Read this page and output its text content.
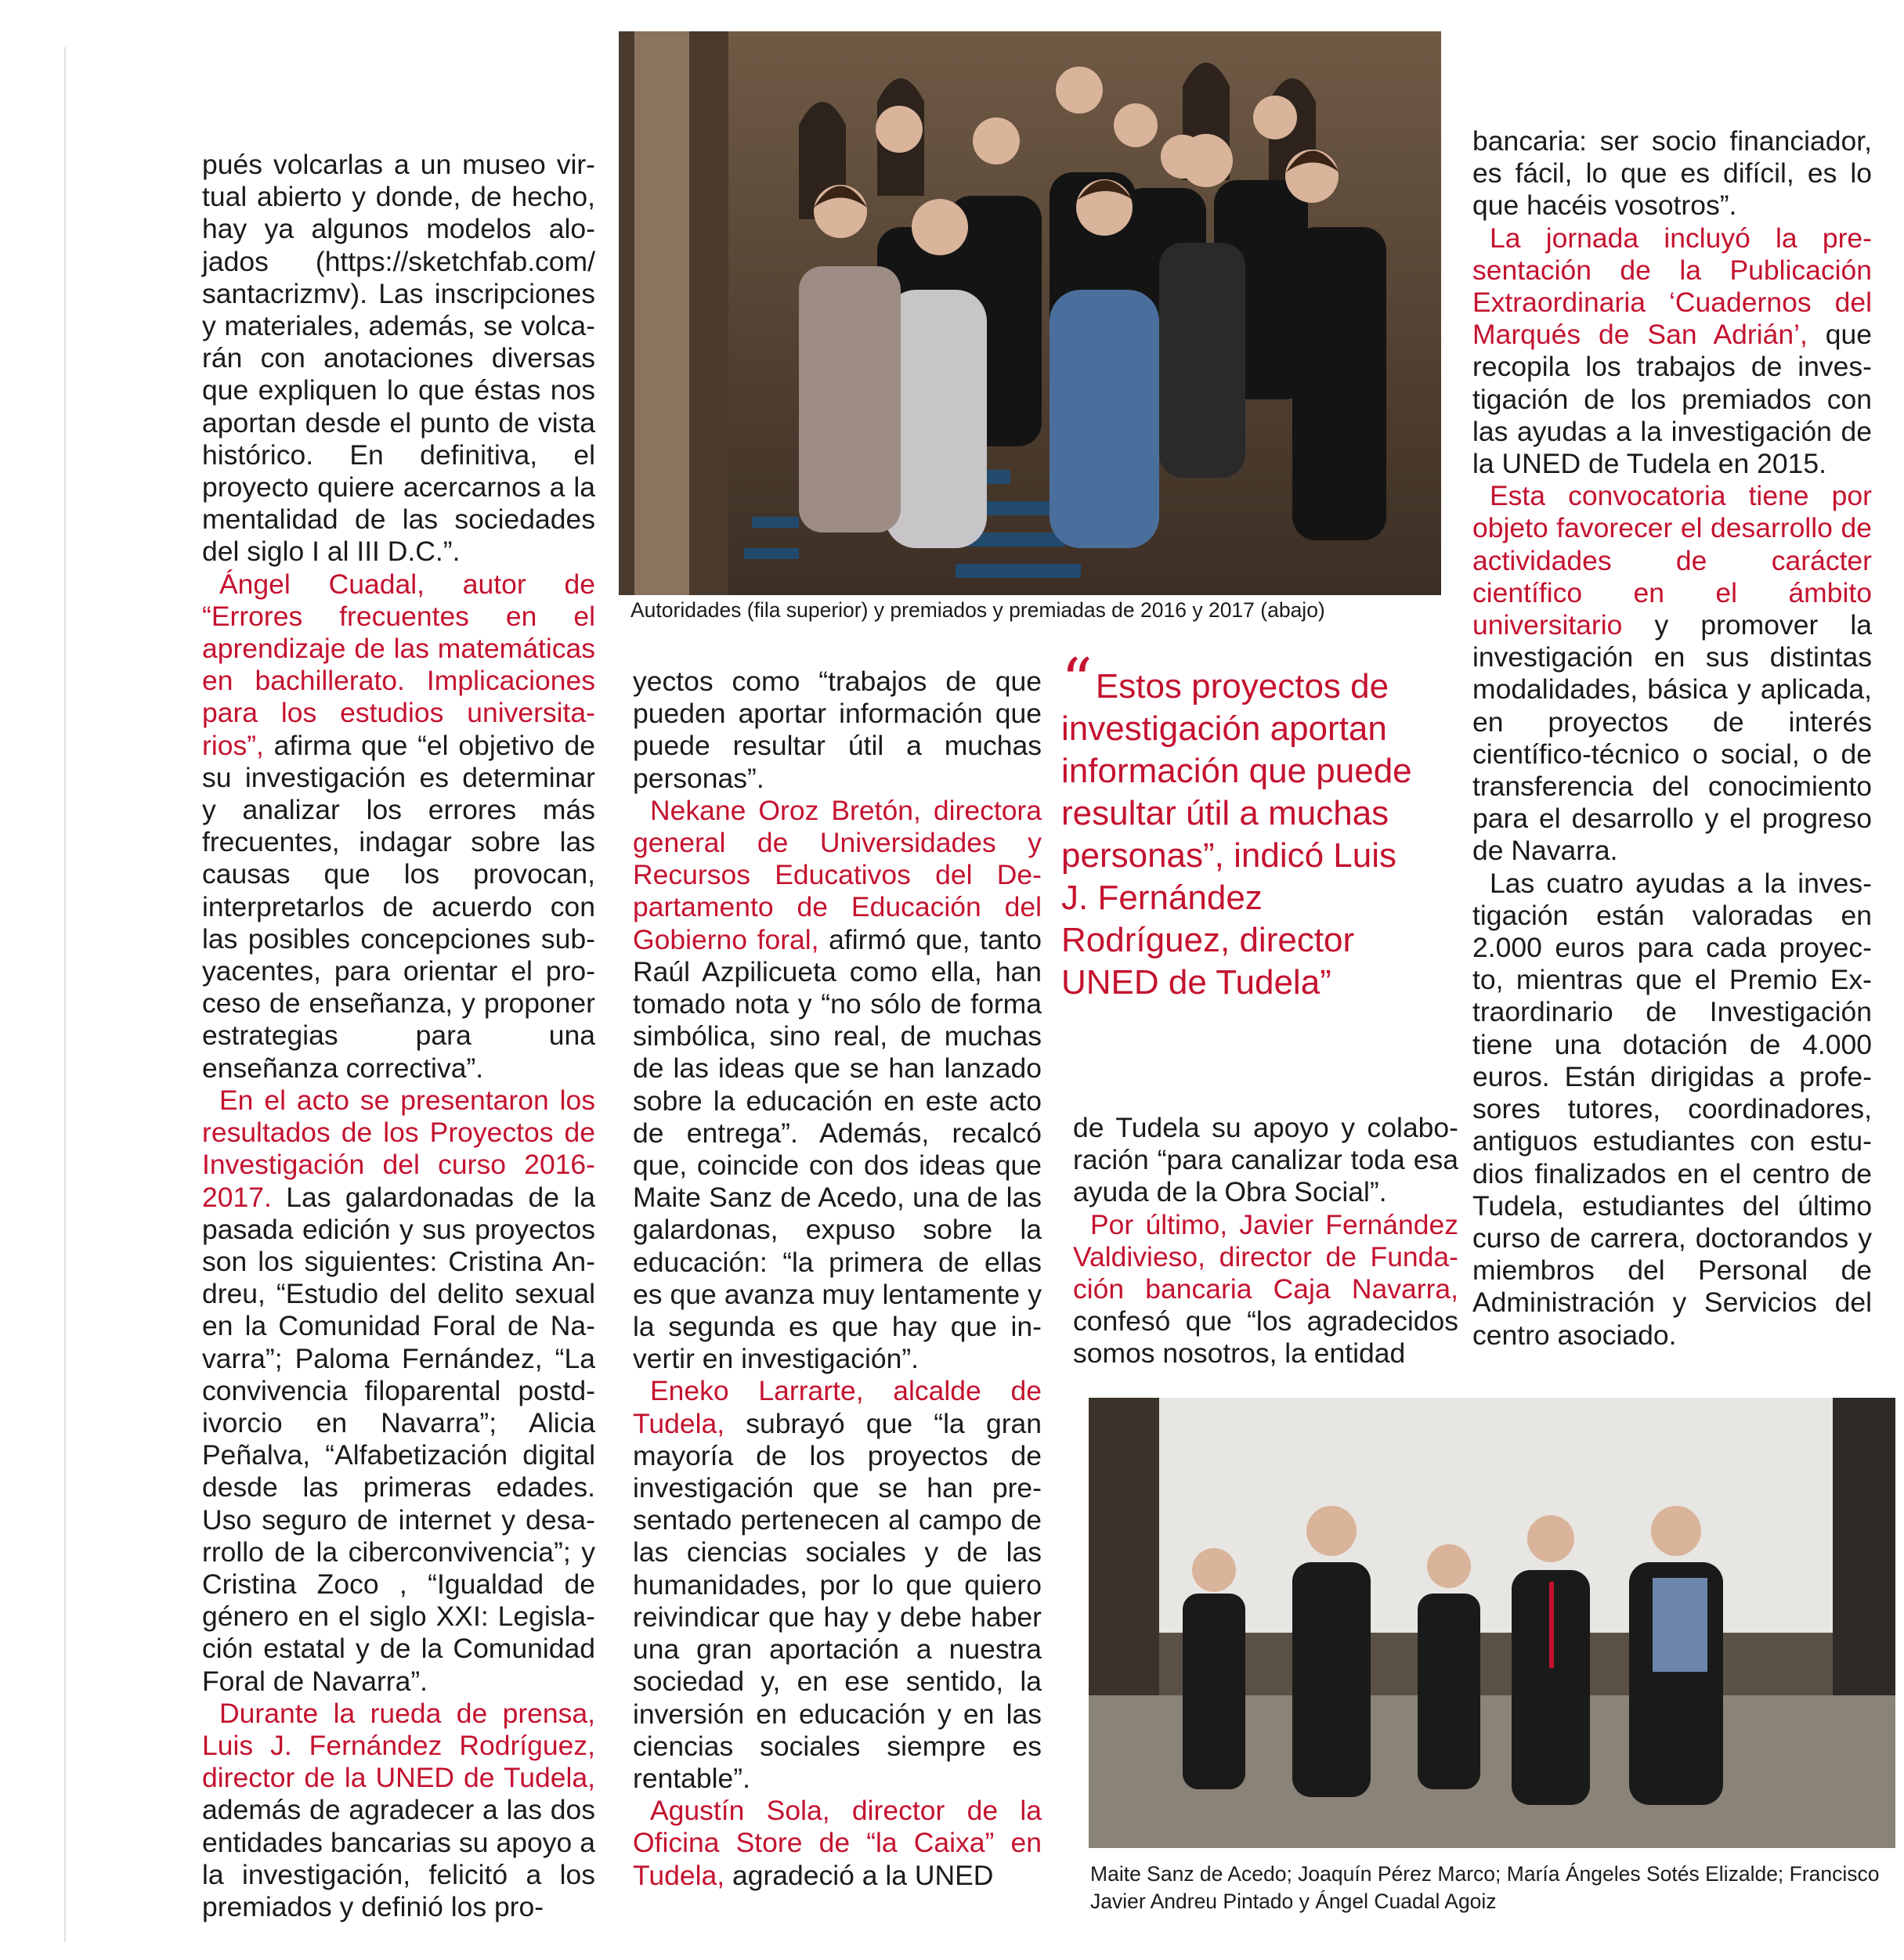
pués volcarlas a un museo virtual abierto y donde, de hecho, hay ya algunos modelos alojados (https://sketchfab.com/ santacrizmv). Las inscripciones y materiales, además, se volcarán con anotaciones diversas que expliquen lo que éstas nos aportan desde el punto de vista histórico. En definitiva, el proyecto quiere acercarnos a la mentalidad de las sociedades del siglo I al III D.C.”.

Ángel Cuadal, autor de “Errores frecuentes en el aprendizaje de las matemáticas en bachillerato. Implicaciones para los estudios universitarios”, afirma que “el objetivo de su investigación es determinar y analizar los errores más frecuentes, indagar sobre las causas que los provocan, interpretarlos de acuerdo con las posibles concepciones subyacentes, para orientar el proceso de enseñanza, y proponer estrategias para una enseñanza correctiva”.

En el acto se presentaron los resultados de los Proyectos de Investigación del curso 2016-2017. Las galardonadas de la pasada edición y sus proyectos son los siguientes: Cristina Andreu, “Estudio del delito sexual en la Comunidad Foral de Navarra”; Paloma Fernández, “La convivencia filoparental postdivorcio en Navarra”; Alicia Peñalva, “Alfabetización digital desde las primeras edades. Uso seguro de internet y desarrollo de la ciberconvivencia”; y Cristina Zoco , “Igualdad de género en el siglo XXI: Legislación estatal y de la Comunidad Foral de Navarra”.

Durante la rueda de prensa, Luis J. Fernández Rodríguez, director de la UNED de Tudela, además de agradecer a las dos entidades bancarias su apoyo a la investigación, felicitó a los premiados y definió los pro-

Autoridades (fila superior) y premiados y premiadas de 2016 y 2017 (abajo)

yectos como “trabajos de que pueden aportar información que puede resultar útil a muchas personas”.

Nekane Oroz Bretón, directora general de Universidades y Recursos Educativos del Departamento de Educación del Gobierno foral, afirmó que, tanto Raúl Azpilicueta como ella, han tomado nota y “no sólo de forma simbólica, sino real, de muchas de las ideas que se han lanzado sobre la educación en este acto de entrega”. Además, recalcó que, coincide con dos ideas que Maite Sanz de Acedo, una de las galardonas, expuso sobre la educación: “la primera de ellas es que avanza muy lentamente y la segunda es que hay que invertir en investigación”.

Eneko Larrarte, alcalde de Tudela, subrayó que “la gran mayoría de los proyectos de investigación que se han presentado pertenecen al campo de las ciencias sociales y de las humanidades, por lo que quiero reivindicar que hay y debe haber una gran aportación a nuestra sociedad y, en ese sentido, la inversión en educación y en las ciencias sociales siempre es rentable”.

Agustín Sola, director de la Oficina Store de “la Caixa” en Tudela, agradeció a la UNED

“Estos proyectos de investigación aportan información que puede resultar útil a muchas personas”, indicó Luis J. Fernández Rodríguez, director UNED de Tudela”

de Tudela su apoyo y colaboración “para canalizar toda esa ayuda de la Obra Social”.

Por último, Javier Fernández Valdivieso, director de Fundación bancaria Caja Navarra, confesó que “los agradecidos somos nosotros, la entidad

bancaria: ser socio financiador, es fácil, lo que es difícil, es lo que hacéis vosotros”.

La jornada incluyó la presentación de la Publicación Extraordinaria ‘Cuadernos del Marqués de San Adrián’, que recopila los trabajos de investigación de los premiados con las ayudas a la investigación de la UNED de Tudela en 2015.

Esta convocatoria tiene por objeto favorecer el desarrollo de actividades de carácter científico en el ámbito universitario y promover la investigación en sus distintas modalidades, básica y aplicada, en proyectos de interés científico-técnico o social, o de transferencia del conocimiento para el desarrollo y el progreso de Navarra.

Las cuatro ayudas a la investigación están valoradas en 2.000 euros para cada proyecto, mientras que el Premio Extraordinario de Investigación tiene una dotación de 4.000 euros. Están dirigidas a profesores tutores, coordinadores, antiguos estudiantes con estudios finalizados en el centro de Tudela, estudiantes del último curso de carrera, doctorandos y miembros del Personal de Administración y Servicios del centro asociado.

Maite Sanz de Acedo; Joaquín Pérez Marco; María Ángeles Sotés Elizalde; Francisco Javier Andreu Pintado y Ángel Cuadal Agoiz
